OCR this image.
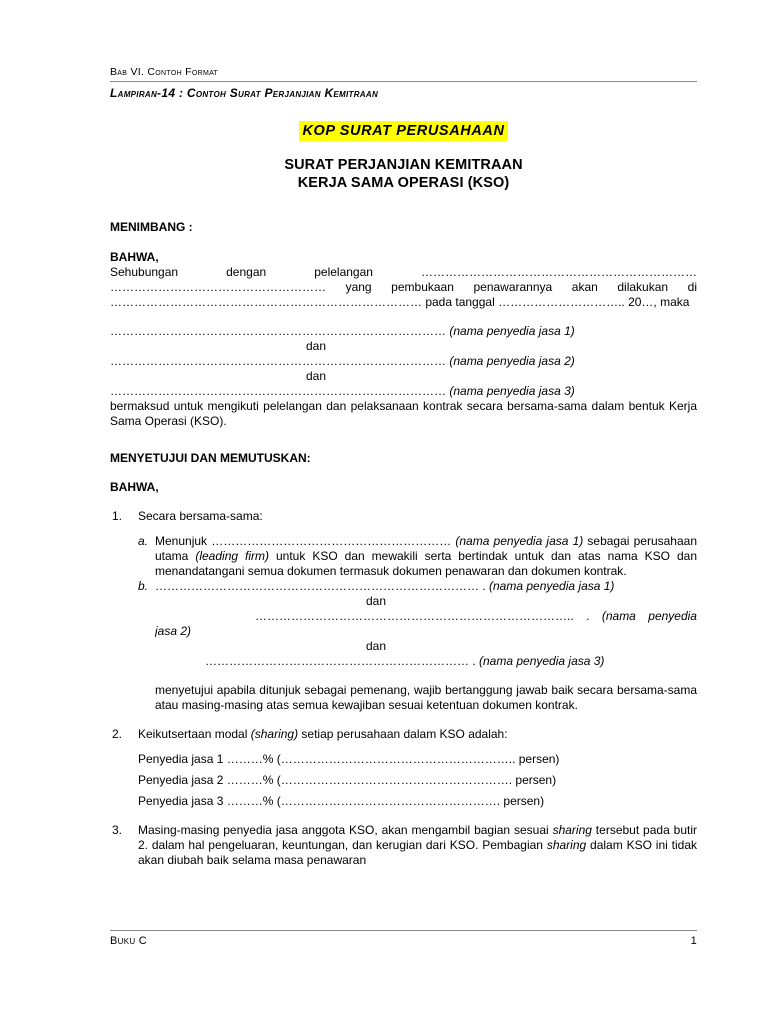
Bab VI. Contoh Format
Lampiran-14 : Contoh Surat Perjanjian Kemitraan
KOP SURAT PERUSAHAAN
SURAT PERJANJIAN KEMITRAAN
KERJA SAMA OPERASI (KSO)
MENIMBANG :
BAHWA,

Sehubungan dengan pelelangan …………………………………………………………… ……………………………………………… yang pembukaan penawarannya akan dilakukan di …………………………………………………………………… pada tanggal ………………………….. 20…, maka

………………………………………………………………………… (nama penyedia jasa 1)
dan
………………………………………………………………………… (nama penyedia jasa 2)
dan
………………………………………………………………………… (nama penyedia jasa 3)

bermaksud untuk mengikuti pelelangan dan pelaksanaan kontrak secara bersama-sama dalam bentuk Kerja Sama Operasi (KSO).

MENYETUJUI DAN MEMUTUSKAN:
BAHWA,
1. Secara bersama-sama:
a. Menunjuk …………………………………………………… (nama penyedia jasa 1) sebagai perusahaan utama (leading firm) untuk KSO dan mewakili serta bertindak untuk dan atas nama KSO dan menandatangani semua dokumen termasuk dokumen penawaran dan dokumen kontrak.

b. ……………………………………………………………………… . (nama penyedia jasa 1)
dan
…………………………………………………………………….. . (nama penyedia
jasa 2)
dan
………………………………………………………… . (nama penyedia jasa 3)

menyetujui apabila ditunjuk sebagai pemenang, wajib bertanggung jawab baik secara bersama-sama atau masing-masing atas semua kewajiban sesuai ketentuan dokumen kontrak.

2. Keikutsertaan modal (sharing) setiap perusahaan dalam KSO adalah:
Penyedia jasa 1 ………% (………………………………………………….. persen)
Penyedia jasa 2 ………% (…………………………………………………. persen)
Penyedia jasa 3 ………% (………………………………………………. persen)
3. Masing-masing penyedia jasa anggota KSO, akan mengambil bagian sesuai sharing tersebut pada butir 2. dalam hal pengeluaran, keuntungan, dan kerugian dari KSO. Pembagian sharing dalam KSO ini tidak akan diubah baik selama masa penawaran

Buku C	1
